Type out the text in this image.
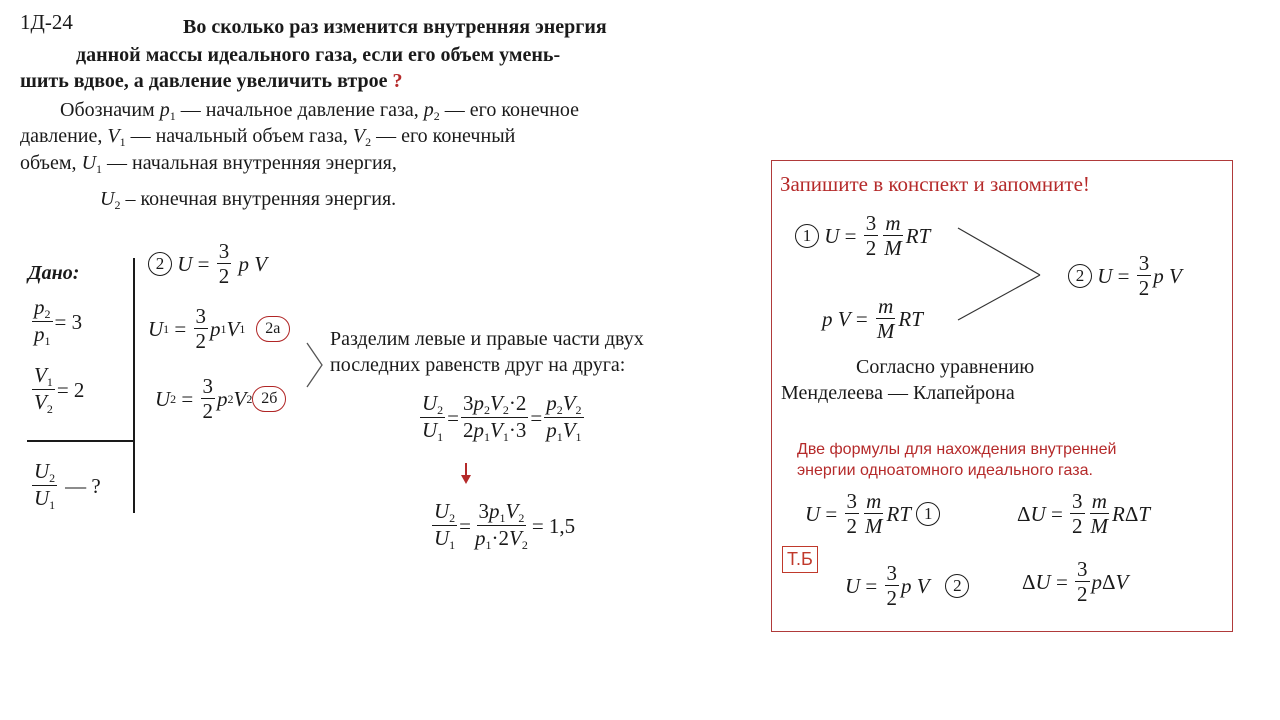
1Д-24	Во сколько раз изменится внутренняя энергия
данной массы идеального газа, если его объем умень-
шить вдвое, а давление увеличить втрое ?
Обозначим $p_1$ — начальное давление газа, $p_2$ — его конечное
давление, $V_1$ — начальный объем газа, $V_2$ — его конечный
объем, $U_1$ — начальная внутренняя энергия,
$U_2$ – конечная внутренняя энергия.
Дано:
$\frac{p_2}{p_1} = 3$
$\frac{V_1}{V_2} = 2$
$\frac{U_2}{U_1}$ — ?
2
$U = \frac{3}{2}$
p V
U $1 = \frac{3}{2}$ p 1 V 1
	2а
U $2 = \frac{3}{2}$ p 2 V 2 2б
Разделим левые и правые части двух
последних равенств друг на друга:
$\frac{U_2}{U_1} = \frac{3p_2V_2\cdot 2}{2p_1V_1\cdot 3} = \frac{p_2V_2}{p_1V_1}$
$\frac{U_2}{U_1} = \frac{3p_1V_2}{p_1\cdot 2V_2} = 1,5$
Запишите в конспект и запомните!
1
$U = \frac{3}{2} \frac{m}{M}$ RT
p $V = \frac{m}{M}$ RT
2
$U = \frac{3}{2}$ p V
Согласно уравнению
Менделеева — Клапейрона
Две формулы для нахождения внутренней
энергии одноатомного идеального газа.
$U = \frac{3}{2} \frac{m}{M}$ RT
1	Δ $U = \frac{3}{2} \frac{m}{M}$ R Δ T
Т.Б
$U = \frac{3}{2}$ p V
	2	Δ $U = \frac{3}{2}$ p Δ V
